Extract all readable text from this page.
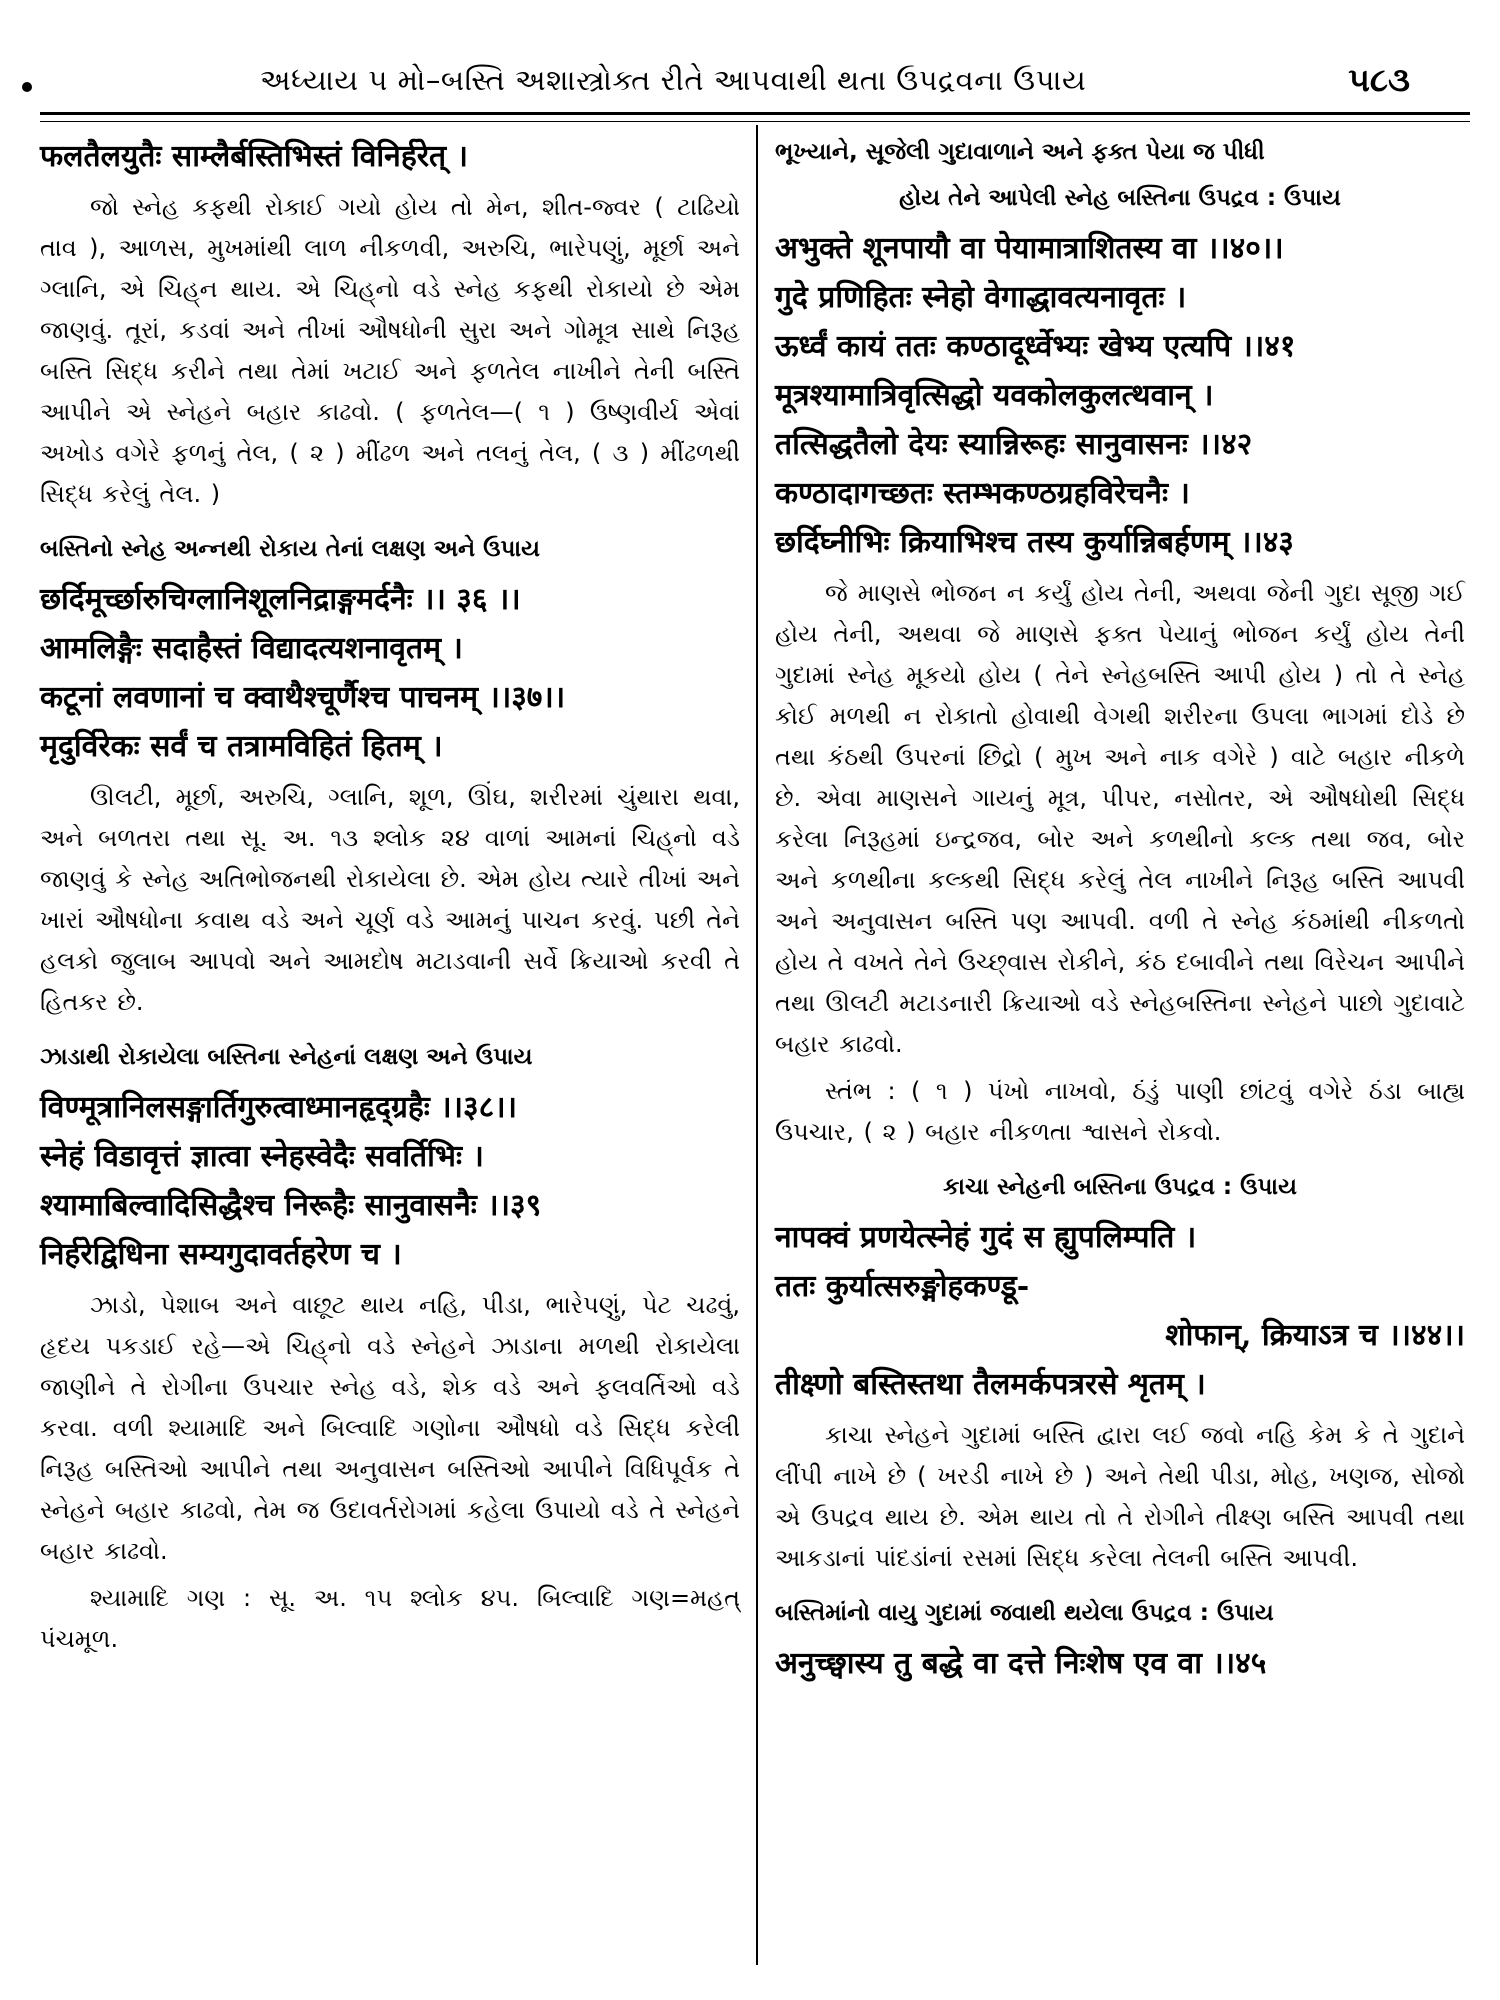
અધ્યાય ૫ મો–બસ્તિ અશાસ્ત્રોક્ત રીતે આપવાથી થતા ઉપદ્રવના ઉપાય	૫૮૩

फलतैलयुतैः साम्लैर्बस्तिभिस्तं विनिर्हरेत् ।

જો સ્નેહ કફથી રોકાઈ ગયો હોય તો મેન, શીત-જ્વર ( ટાઢિયો તાવ ), આળસ, મુખમાંથી લાળ નીકળવી, અરુચિ, ભારેપણું, મૂર્છા અને ગ્લાનિ, એ ચિહ્‌ન થાય. એ ચિહ્‌નો વડે સ્નેહ કફથી રોકાયો છે એમ જાણવું. તૂરાં, કડવાં અને તીખાં ઔષધોની સુરા અને ગોમૂત્ર સાથે નિરૂહ બસ્તિ સિદ્ધ કરીને તથા તેમાં ખટાઈ અને ફળતેલ નાખીને તેની બસ્તિ આપીને એ સ્નેહને બહાર કાઢવો. ( ફળતેલ—( ૧ ) ઉષ્ણવીર્ય એવાં અખોડ વગેરે ફળનું તેલ, ( ૨ ) મીંઢળ અને તલનું તેલ, ( ૩ ) મીંઢળથી સિદ્ધ કરેલું તેલ. )

બસ્તિનો સ્નેહ અન્નથી રોકાય તેનાં લક્ષણ અને ઉપાય

छर्दिमूर्च्छारुचिग्लानिशूलनिद्राङ्गमर्दनैः ।। ३६ ।।

आमलिङ्गैः सदाहैस्तं विद्यादत्यशनावृतम् ।

कटूनां लवणानां च क्वाथैश्चूर्णैश्च पाचनम् ।।३७।।

मृदुर्विरेकः सर्वं च तत्रामविहितं हितम् ।

ઊલટી, મૂર્છા, અરુચિ, ગ્લાનિ, શૂળ, ઊંઘ, શરીરમાં ચુંથારા થવા, અને બળતરા તથા સૂ. અ. ૧૩ શ્લોક ૨૪ વાળાં આમનાં ચિહ્‌નો વડે જાણવું કે સ્નેહ અતિભોજનથી રોકાયેલા છે. એમ હોય ત્યારે તીખાં અને ખારાં ઔષધોના કવાથ વડે અને ચૂર્ણ વડે આમનું પાચન કરવું. પછી તેને હલકો જુલાબ આપવો અને આમદોષ મટાડવાની સર્વે ક્રિયાઓ કરવી તે હિતકર છે.

ઝાડાથી રોકાયેલા બસ્તિના સ્નેહનાં લક્ષણ અને ઉપાય

विण्मूत्रानिलसङ्गार्तिगुरुत्वाध्मानहृद्ग्रहैः ।।३८।।

स्नेहं विडावृत्तं ज्ञात्वा स्नेहस्वेदैः सवर्तिभिः ।

श्यामाबिल्वादिसिद्धैश्च निरूहैः सानुवासनैः ।।३९

निर्हरेद्विधिना सम्यगुदावर्तहरेण च ।

ઝાડો, પેશાબ અને વાછૂટ થાય નહિ, પીડા, ભારેપણું, પેટ ચઢવું, હૃદય પકડાઈ રહે—એ ચિહ્‌નો વડે સ્નેહને ઝાડાના મળથી રોકાયેલા જાણીને તે રોગીના ઉપચાર સ્નેહ વડે, શેક વડે અને ફલવર્તિઓ વડે કરવા. વળી શ્યામાદિ અને બિલ્વાદિ ગણોના ઔષધો વડે સિદ્ધ કરેલી નિરૂહ બસ્તિઓ આપીને તથા અનુવાસન બસ્તિઓ આપીને વિધિપૂર્વક તે સ્નેહને બહાર કાઢવો, તેમ જ ઉદાવર્તરોગમાં કહેલા ઉપાયો વડે તે સ્નેહને બહાર કાઢવો.

શ્યામાદિ ગણ : સૂ. અ. ૧૫ શ્લોક ૪૫. બિલ્વાદિ ગણ=મહત્ પંચમૂળ.

ભૂખ્યાને, સૂજેલી ગુદાવાળાને અને ફક્ત પેયા જ પીધી

હોય તેને આપેલી સ્નેહ બસ્તિના ઉપદ્રવ : ઉપાય

अभुक्ते शूनपायौ वा पेयामात्राशितस्य वा ।।४०।।

गुदे प्रणिहितः स्नेहो वेगाद्धावत्यनावृतः ।

ऊर्ध्वं कायं ततः कण्ठादूर्ध्वेभ्यः खेभ्य एत्यपि ।।४१

मूत्रश्यामात्रिवृत्सिद्धो यवकोलकुलत्थवान् ।

तत्सिद्धतैलो देयः स्यान्निरूहः सानुवासनः ।।४२

कण्ठादागच्छतः स्तम्भकण्ठग्रहविरेचनैः ।

छर्दिघ्नीभिः क्रियाभिश्च तस्य कुर्यान्निबर्हणम् ।।४३

જે માણસે ભોજન ન કર્યું હોય તેની, અથવા જેની ગુદા સૂજી ગઈ હોય તેની, અથવા જે માણસે ફક્ત પેયાનું ભોજન કર્યું હોય તેની ગુદામાં સ્નેહ મૂકયો હોય ( તેને સ્નેહબસ્તિ આપી હોય ) તો તે સ્નેહ કોઈ મળથી ન રોકાતો હોવાથી વેગથી શરીરના ઉપલા ભાગમાં દોડે છે તથા કંઠથી ઉપરનાં છિદ્રો ( મુખ અને નાક વગેરે ) વાટે બહાર નીકળે છે. એવા માણસને ગાયનું મૂત્ર, પીપર, નસોતર, એ ઔષધોથી સિદ્ધ કરેલા નિરૂહમાં ઇન્દ્રજવ, બોર અને કળથીનો કલ્ક તથા જવ, બોર અને કળથીના કલ્કથી સિદ્ધ કરેલું તેલ નાખીને નિરૂહ બસ્તિ આપવી અને અનુવાસન બસ્તિ પણ આપવી. વળી તે સ્નેહ કંઠમાંથી નીકળતો હોય તે વખતે તેને ઉચ્છ્‌વાસ રોકીને, કંઠ દબાવીને તથા વિરેચન આપીને તથા ઊલટી મટાડનારી ક્રિયાઓ વડે સ્નેહબસ્તિના સ્નેહને પાછો ગુદાવાટે બહાર કાઢવો.

સ્તંભ : ( ૧ ) પંખો નાખવો, ઠંડું પાણી છાંટવું વગેરે ઠંડા બાહ્ય ઉપચાર, ( ૨ ) બહાર નીકળતા શ્વાસને રોકવો.

કાચા સ્નેહની બસ્તિના ઉપદ્રવ : ઉપાય

नापक्वं प्रणयेत्स्नेहं गुदं स ह्युपलिम्पति ।

ततः कुर्यात्सरुङ्मोहकण्डू-

शोफान्, क्रियाऽत्र च ।।४४।।

तीक्ष्णो बस्तिस्तथा तैलमर्कपत्ररसे शृतम् ।

કાચા સ્નેહને ગુદામાં બસ્તિ દ્વારા લઈ જવો નહિ કેમ કે તે ગુદાને લીંપી નાખે છે ( ખરડી નાખે છે ) અને તેથી પીડા, મોહ, ખણજ, સોજો એ ઉપદ્રવ થાય છે. એમ થાય તો તે રોગીને તીક્ષ્ણ બસ્તિ આપવી તથા આકડાનાં પાંદડાંનાં રસમાં સિદ્ધ કરેલા તેલની બસ્તિ આપવી.

બસ્તિમાંનો વાયુ ગુદામાં જવાથી થયેલા ઉપદ્રવ : ઉપાય

अनुच्छ्वास्य तु बद्धे वा दत्ते निःशेष एव वा ।।४५
